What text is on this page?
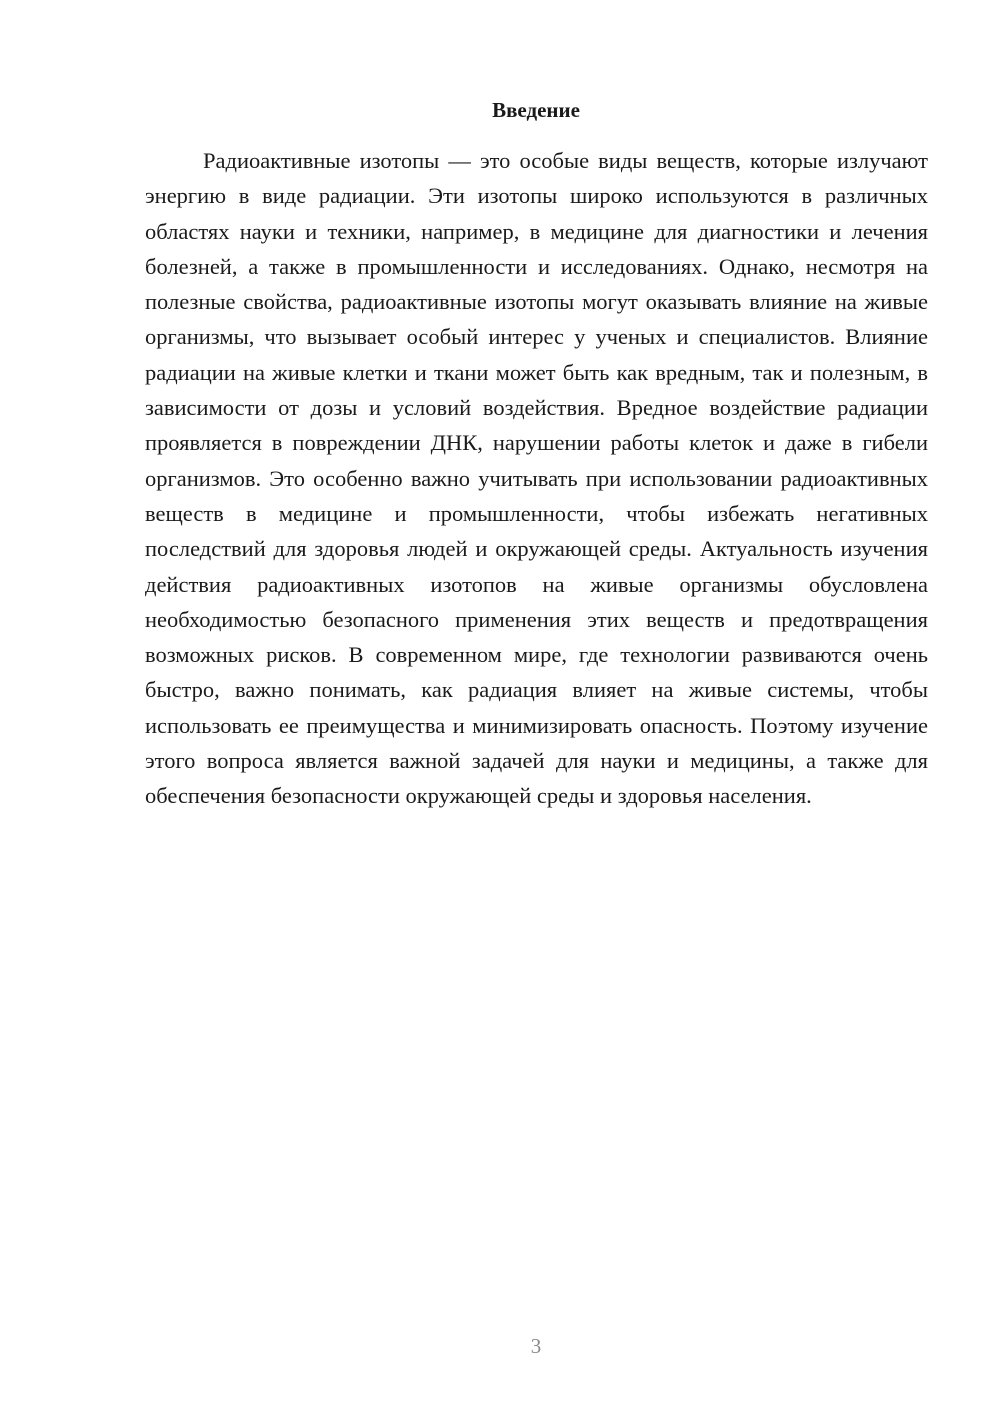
Введение

Радиоактивные изотопы — это особые виды веществ, которые излучают энергию в виде радиации. Эти изотопы широко используются в различных областях науки и техники, например, в медицине для диагностики и лечения болезней, а также в промышленности и исследованиях. Однако, несмотря на полезные свойства, радиоактивные изотопы могут оказывать влияние на живые организмы, что вызывает особый интерес у ученых и специалистов. Влияние радиации на живые клетки и ткани может быть как вредным, так и полезным, в зависимости от дозы и условий воздействия. Вредное воздействие радиации проявляется в повреждении ДНК, нарушении работы клеток и даже в гибели организмов. Это особенно важно учитывать при использовании радиоактивных веществ в медицине и промышленности, чтобы избежать негативных последствий для здоровья людей и окружающей среды. Актуальность изучения действия радиоактивных изотопов на живые организмы обусловлена необходимостью безопасного применения этих веществ и предотвращения возможных рисков. В современном мире, где технологии развиваются очень быстро, важно понимать, как радиация влияет на живые системы, чтобы использовать ее преимущества и минимизировать опасность. Поэтому изучение этого вопроса является важной задачей для науки и медицины, а также для обеспечения безопасности окружающей среды и здоровья населения.

3
